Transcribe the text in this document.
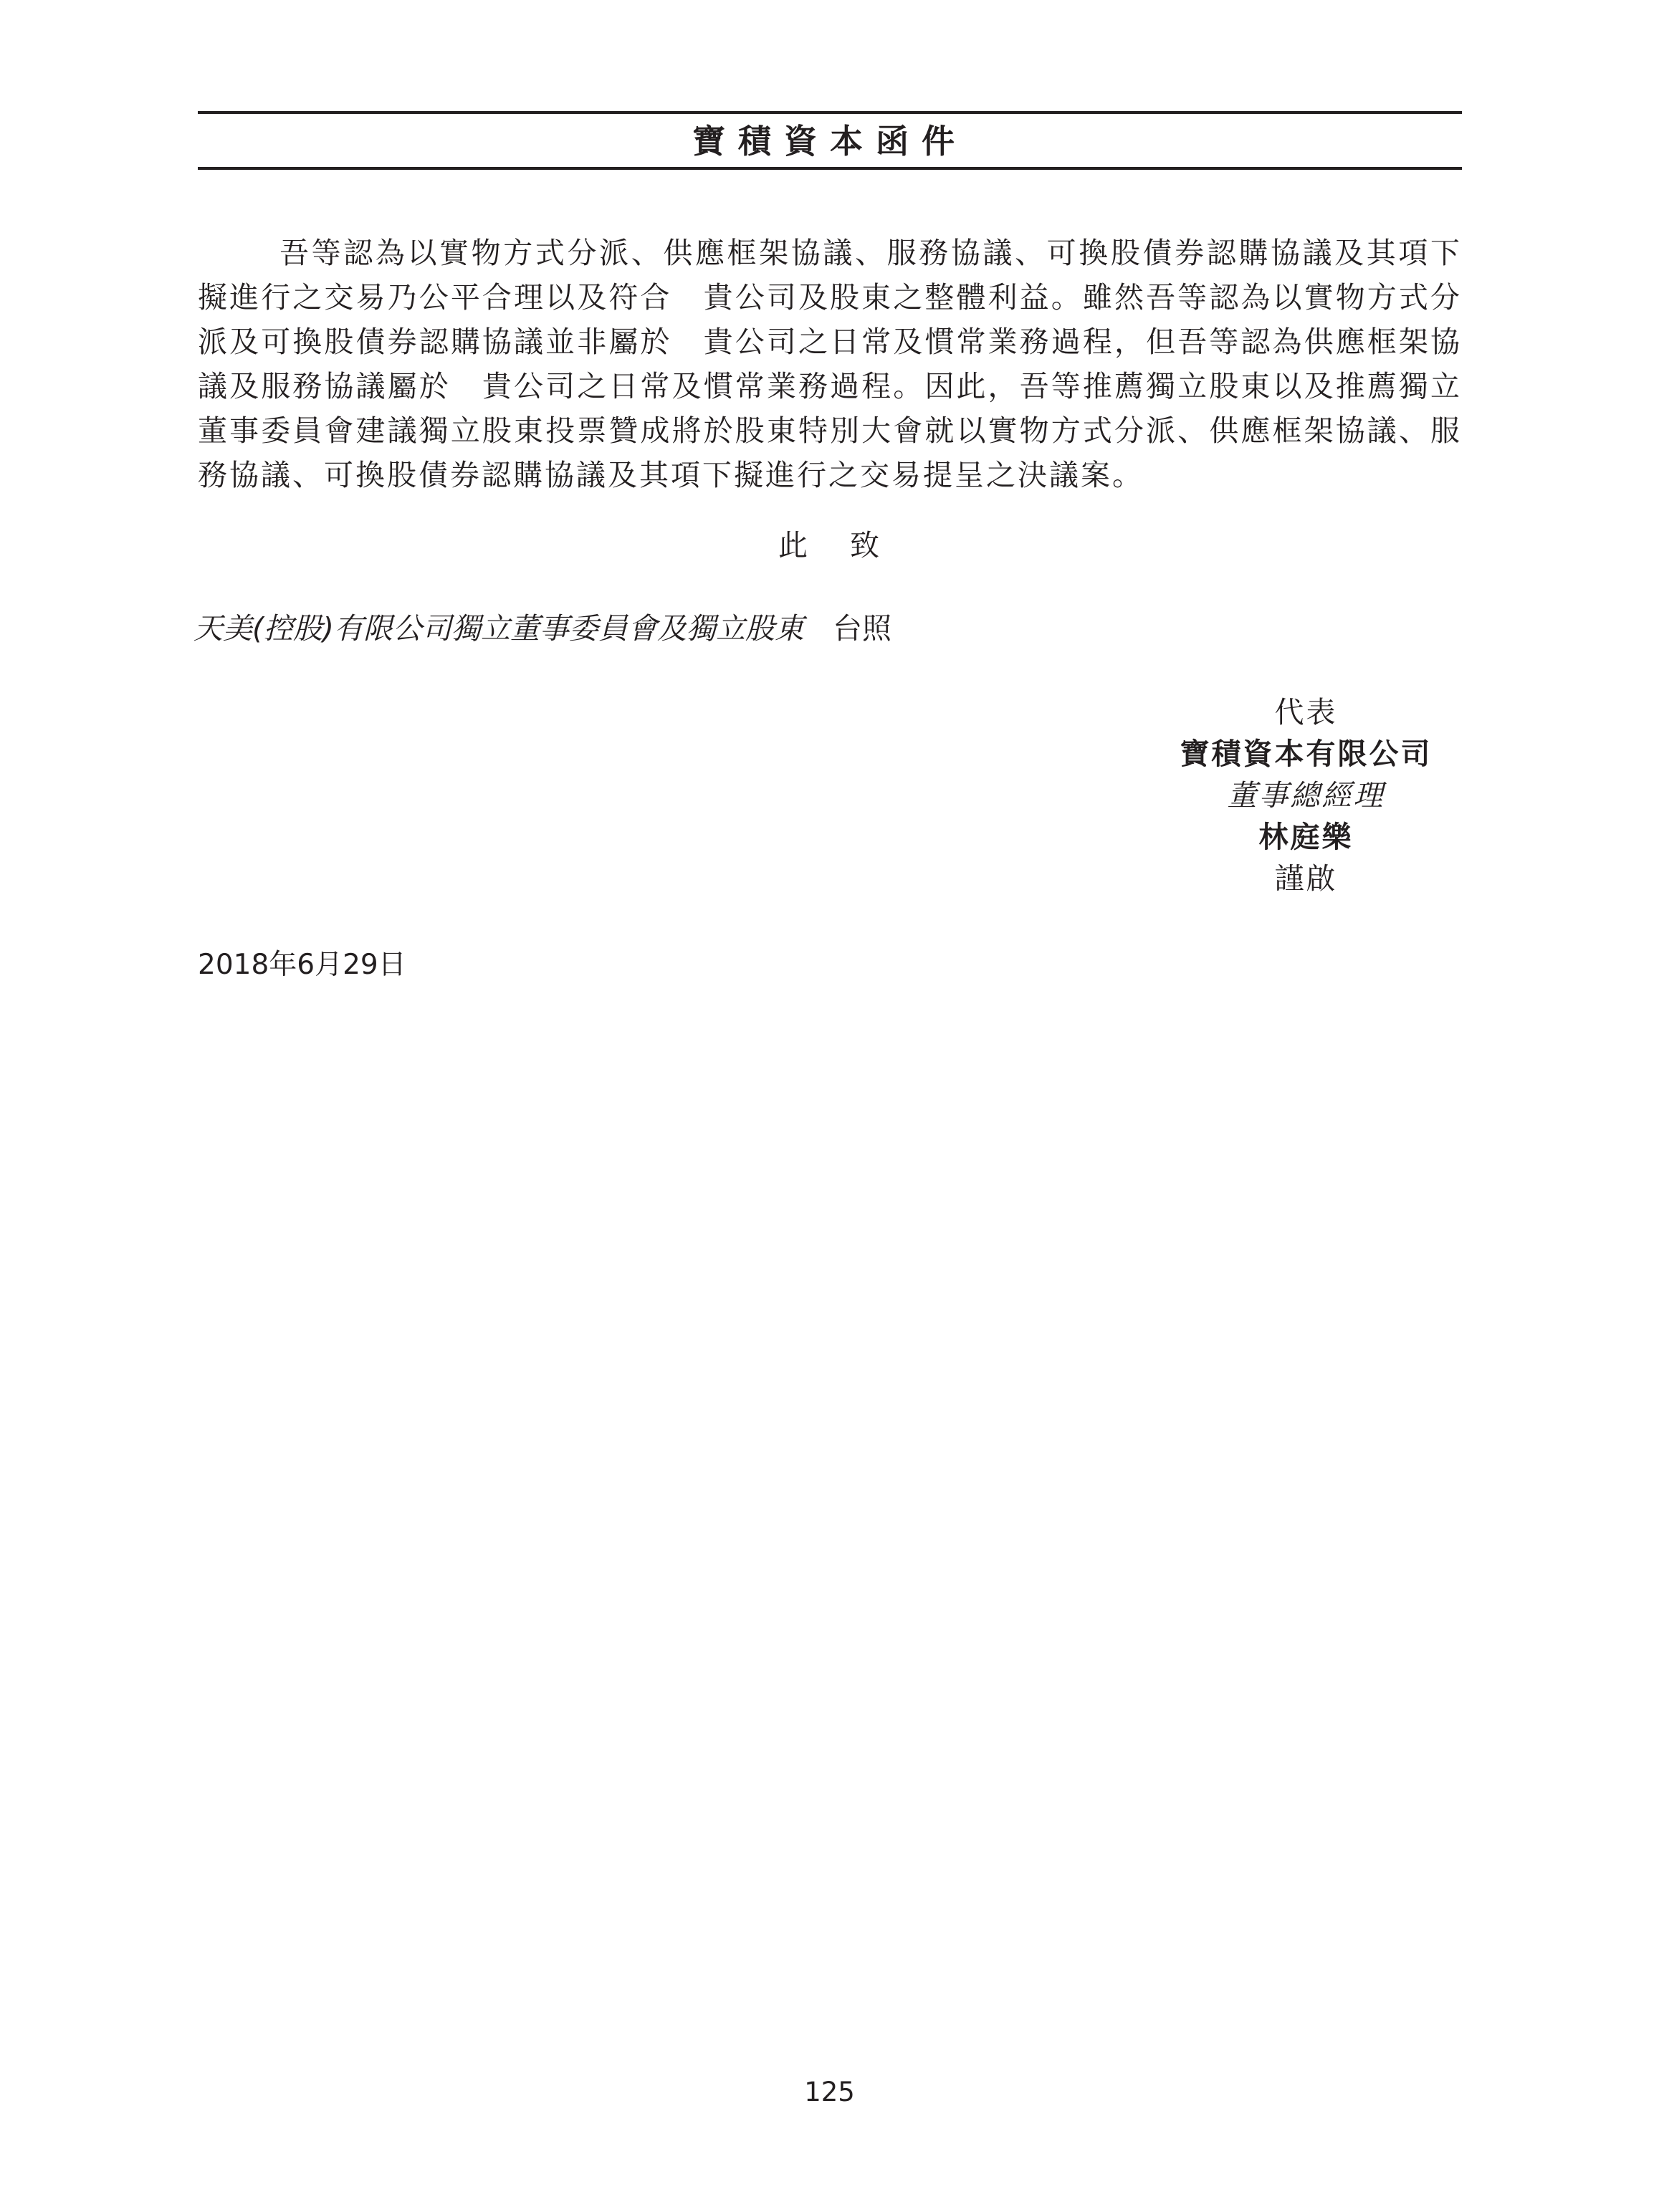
寶積資本函件
吾等認為以實物方式分派、供應框架協議、服務協議、可換股債券認購協議及其項下
擬進行之交易乃公平合理以及符合　貴公司及股東之整體利益。雖然吾等認為以實物方式分
派及可換股債券認購協議並非屬於　貴公司之日常及慣常業務過程，但吾等認為供應框架協
議及服務協議屬於　貴公司之日常及慣常業務過程。因此，吾等推薦獨立股東以及推薦獨立
董事委員會建議獨立股東投票贊成將於股東特別大會就以實物方式分派、供應框架協議、服
務協議、可換股債券認購協議及其項下擬進行之交易提呈之決議案。
此 致
天美(控股)有限公司獨立董事委員會及獨立股東 台照
代表
寶積資本有限公司
董事總經理
林庭樂
謹啟
2018年6月29日
125
